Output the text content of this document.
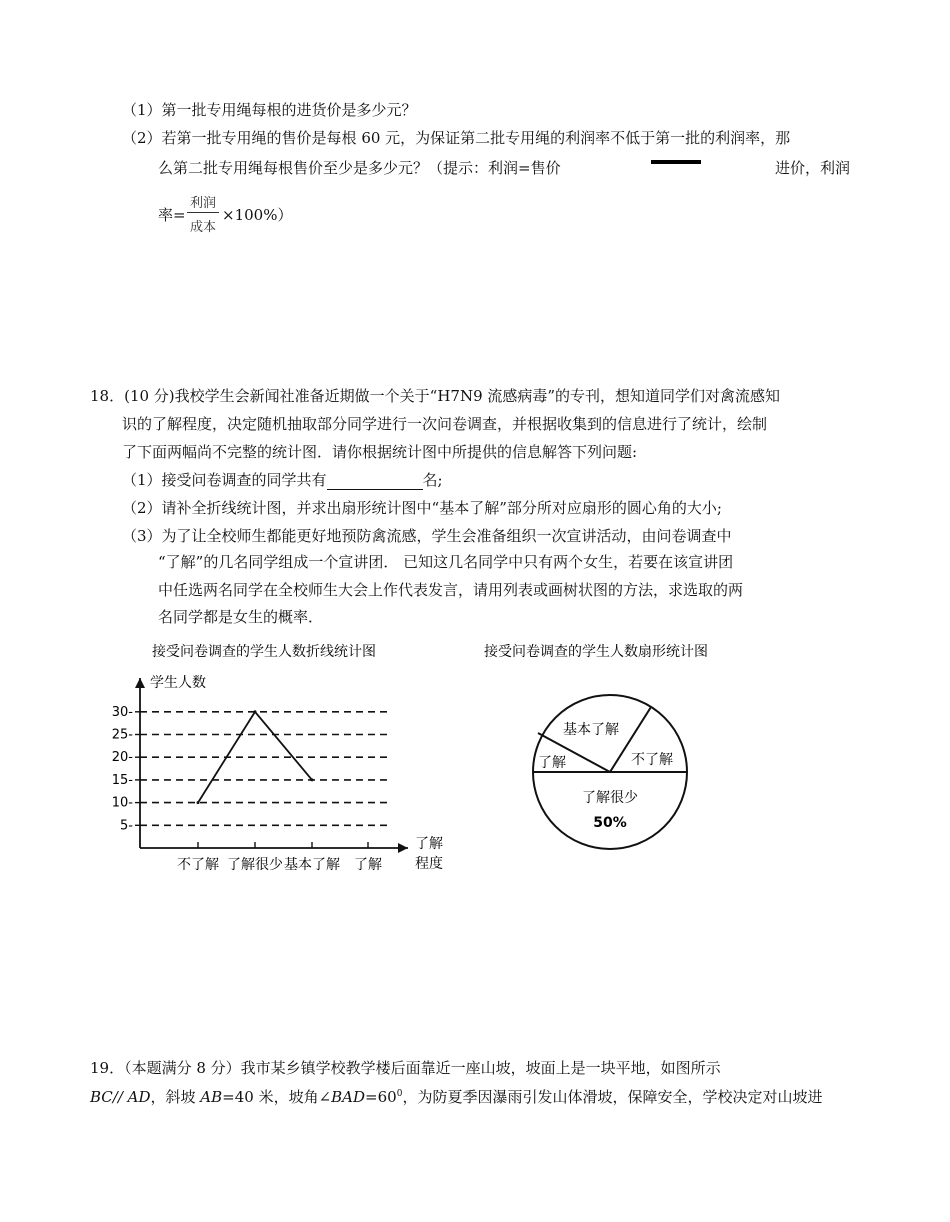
（1）第一批专用绳每根的进货价是多少元？
（2）若第一批专用绳的售价是每根 60 元，为保证第二批专用绳的利润率不低于第一批的利润率，那
么第二批专用绳每根售价至少是多少元？（提示：利润=售价	进价，利润
率=
利润
成本
×100%）
18．(10 分)我校学生会新闻社准备近期做一个关于“H7N9 流感病毒”的专刊，想知道同学们对禽流感知
识的了解程度，决定随机抽取部分同学进行一次问卷调查，并根据收集到的信息进行了统计，绘制
了下面两幅尚不完整的统计图．请你根据统计图中所提供的信息解答下列问题:
（1）接受问卷调查的同学共有	名;
（2）请补全折线统计图，并求出扇形统计图中“基本了解”部分所对应扇形的圆心角的大小;
（3）为了让全校师生都能更好地预防禽流感，学生会准备组织一次宣讲活动，由问卷调查中
“了解”的几名同学组成一个宣讲团． 已知这几名同学中只有两个女生，若要在该宣讲团
中任选两名同学在全校师生大会上作代表发言，请用列表或画树状图的方法，求选取的两
名同学都是女生的概率．
接受问卷调查的学生人数折线统计图
学生人数
5-
10-
15-
20-
25-
30-
不了解 了解很少 基本了解 了解
了解
程度
接受问卷调查的学生人数扇形统计图
基本了解
了解	不了解
了解很少
50%
19．（本题满分 8 分）我市某乡镇学校教学楼后面靠近一座山坡，坡面上是一块平地，如图所示
BC// AD，斜坡 AB=40 米，坡角$\angle BAD=60^0$，为防夏季因瀑雨引发山体滑坡，保障安全，学校决定对山坡进
